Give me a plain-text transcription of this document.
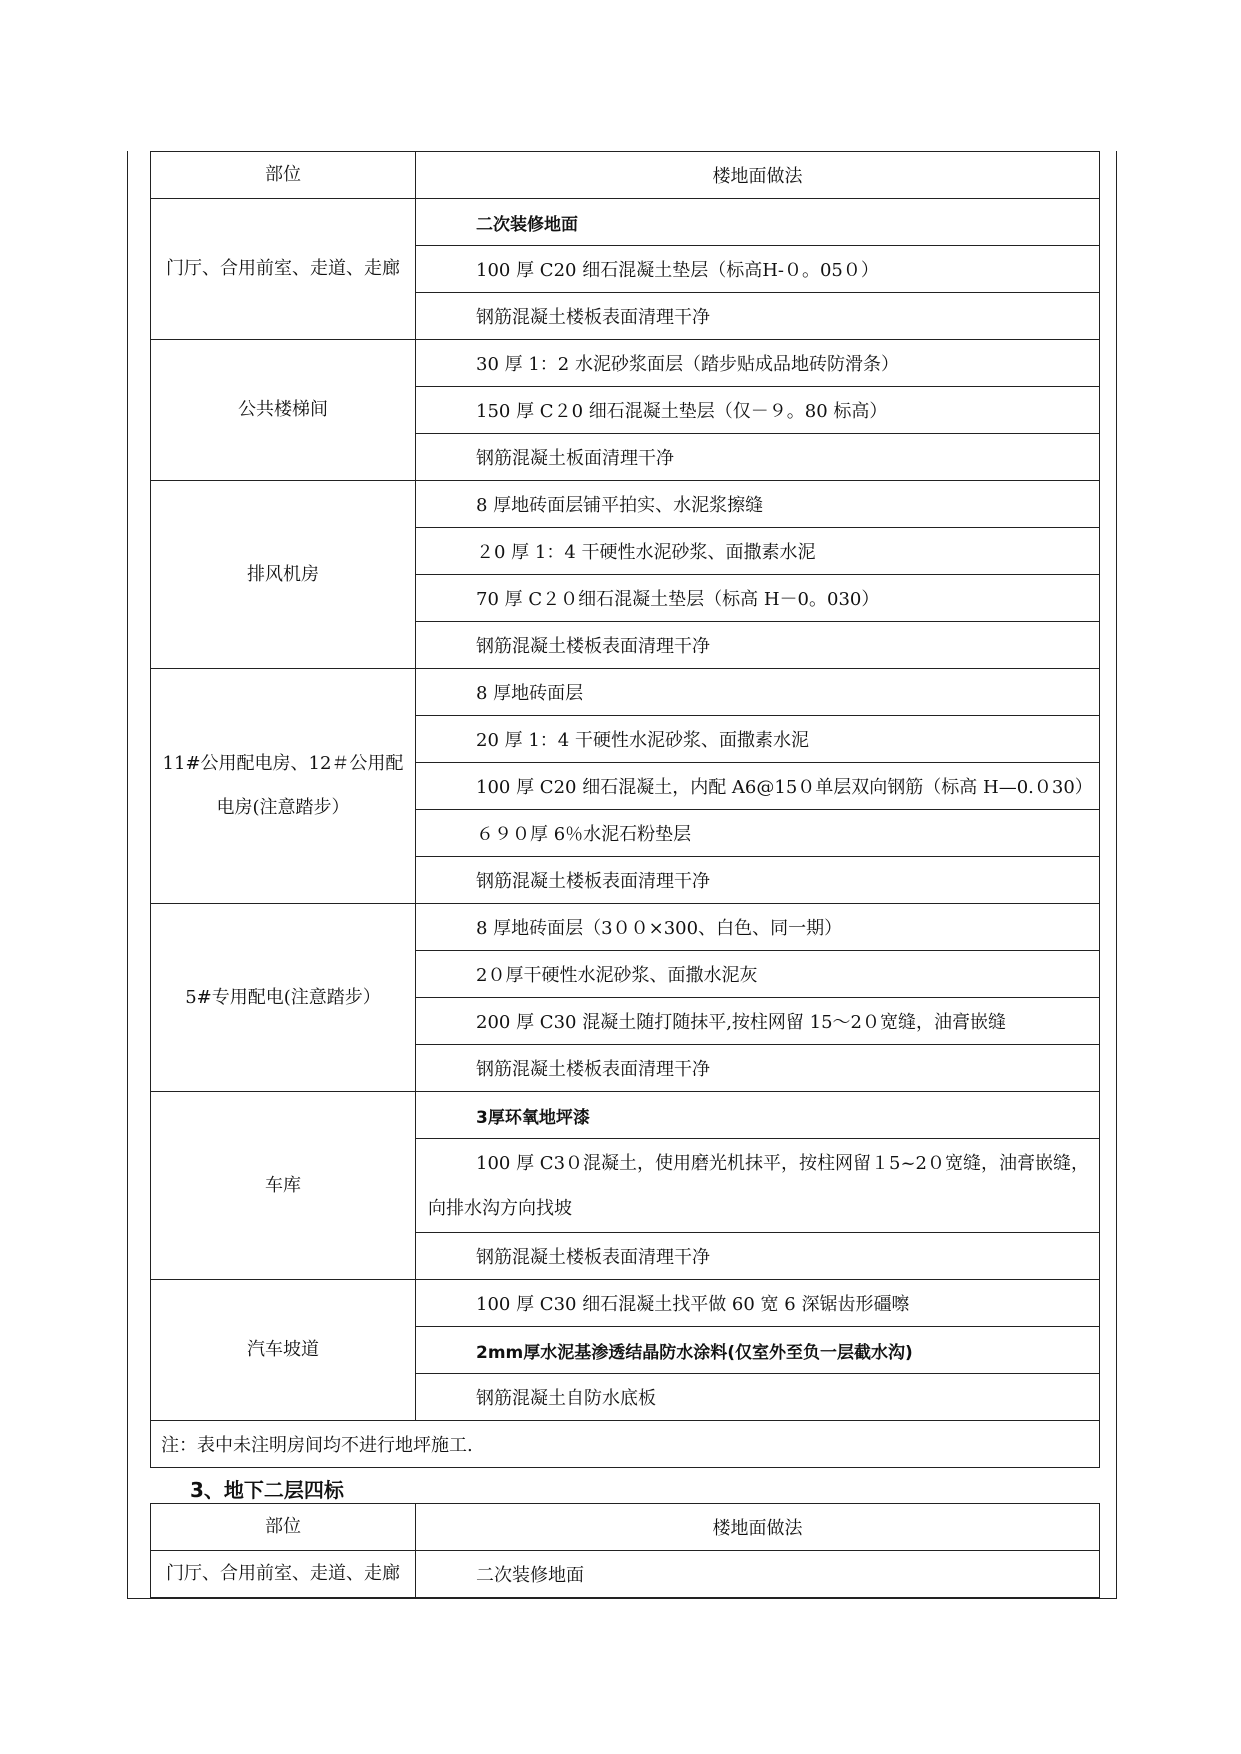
部位	楼地面做法
门厅、合用前室、走道、走廊	二次装修地面
	100 厚 C20 细石混凝土垫层（标高H-０。05０）
	钢筋混凝土楼板表面清理干净
公共楼梯间	30 厚 1：2 水泥砂浆面层（踏步贴成品地砖防滑条）
	150 厚 C２0 细石混凝土垫层（仅－９。80 标高）
	钢筋混凝土板面清理干净
排风机房	8 厚地砖面层铺平拍实、水泥浆擦缝
	２0 厚 1：4 干硬性水泥砂浆、面撒素水泥
	70 厚 C２０细石混凝土垫层（标高 H－0。030）
	钢筋混凝土楼板表面清理干净
11#公用配电房、12＃公用配电房(注意踏步）	8 厚地砖面层
	20 厚 1：4 干硬性水泥砂浆、面撒素水泥
	100 厚 C20 细石混凝土，内配 A6@15０单层双向钢筋（标高 H—0.０30）
	６９０厚 6％水泥石粉垫层
	钢筋混凝土楼板表面清理干净
5#专用配电(注意踏步）	8 厚地砖面层（3００×300、白色、同一期）
	2０厚干硬性水泥砂浆、面撒水泥灰
	200 厚 C30 混凝土随打随抹平,按柱网留 15～2０宽缝，油膏嵌缝
	钢筋混凝土楼板表面清理干净
车库	3厚环氧地坪漆
	100 厚 C3０混凝土，使用磨光机抹平，按柱网留１5~2０宽缝，油膏嵌缝，向排水沟方向找坡
	钢筋混凝土楼板表面清理干净
汽车坡道	100 厚 C30 细石混凝土找平做 60 宽 6 深锯齿形礓嚓
	2mm厚水泥基渗透结晶防水涂料(仅室外至负一层截水沟)
	钢筋混凝土自防水底板
注：表中未注明房间均不进行地坪施工.	
3、地下二层四标
部位	楼地面做法
门厅、合用前室、走道、走廊	二次装修地面
